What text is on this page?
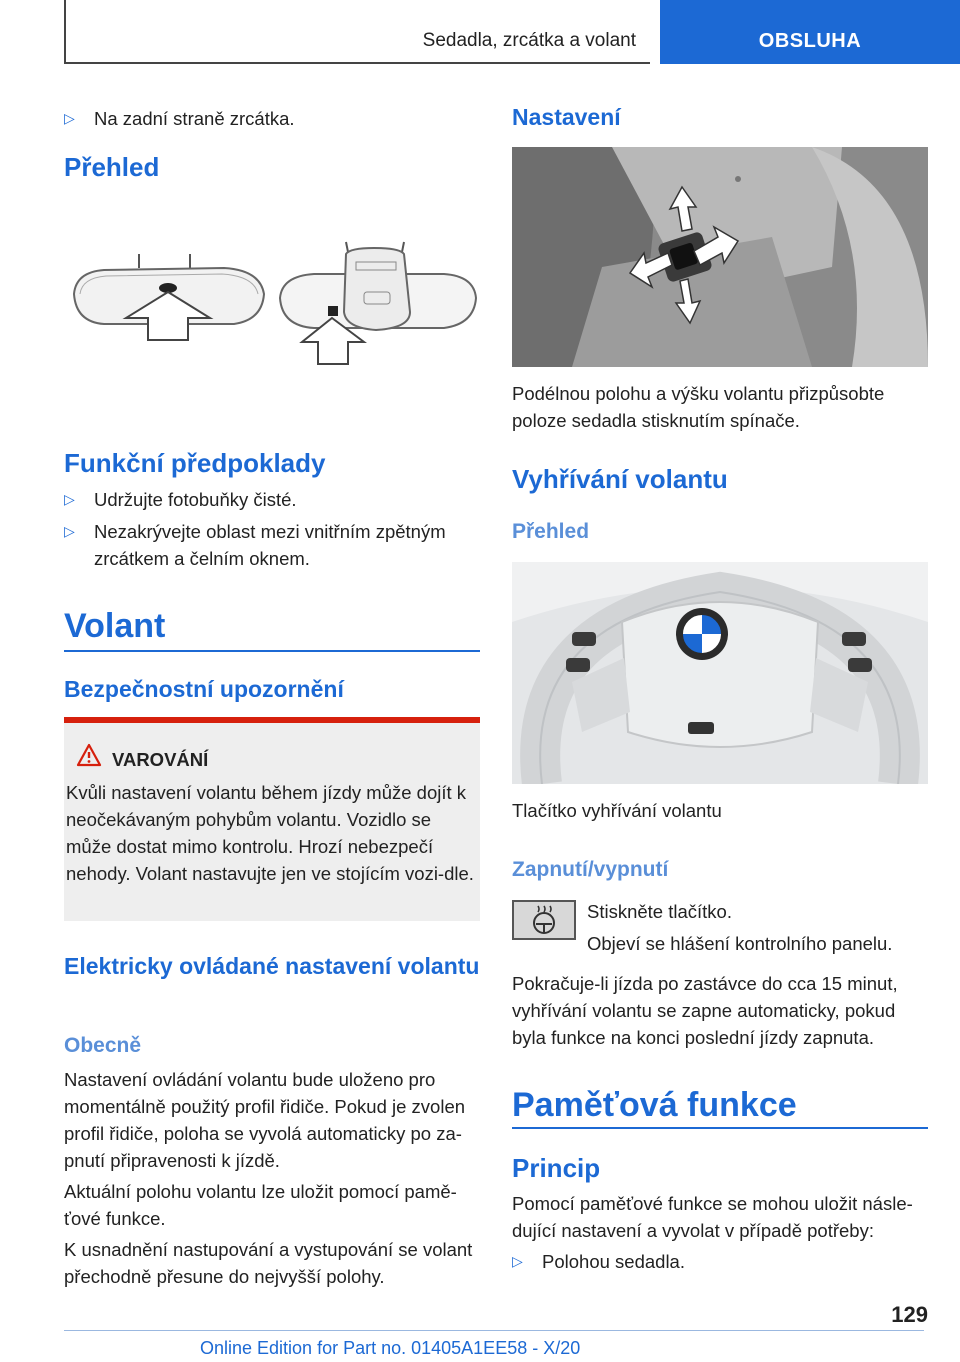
Sedadla, zrcátka a volant	OBSLUHA
▷ Na zadní straně zrcátka.
Přehled
Funkční předpoklady
▷ Udržujte fotobuňky čisté.
▷ Nezakrývejte oblast mezi vnitřním zpětným zrcátkem a čelním oknem.
Volant
Bezpečnostní upozornění
VAROVÁNÍ
Kvůli nastavení volantu během jízdy může dojít k neočekávaným pohybům volantu. Vozidlo se může dostat mimo kontrolu. Hrozí nebezpečí nehody. Volant nastavujte jen ve stojícím vozi-dle.
Elektricky ovládané nastavení volantu
Obecně
Nastavení ovládání volantu bude uloženo pro momentálně použitý profil řidiče. Pokud je zvolen profil řidiče, poloha se vyvolá automaticky po za-pnutí připravenosti k jízdě.
Aktuální polohu volantu lze uložit pomocí pamě-ťové funkce.
K usnadnění nastupování a vystupování se volant přechodně přesune do nejvyšší polohy.
Nastavení
Podélnou polohu a výšku volantu přizpůsobte poloze sedadla stisknutím spínače.
Vyhřívání volantu
Přehled
Tlačítko vyhřívání volantu
Zapnutí/vypnutí
Stiskněte tlačítko.
Objeví se hlášení kontrolního panelu.
Pokračuje-li jízda po zastávce do cca 15 minut, vyhřívání volantu se zapne automaticky, pokud byla funkce na konci poslední jízdy zapnuta.
Paměťová funkce
Princip
Pomocí paměťové funkce se mohou uložit násle-dující nastavení a vyvolat v případě potřeby:
▷ Polohou sedadla.
129
Online Edition for Part no. 01405A1EE58 - X/20
